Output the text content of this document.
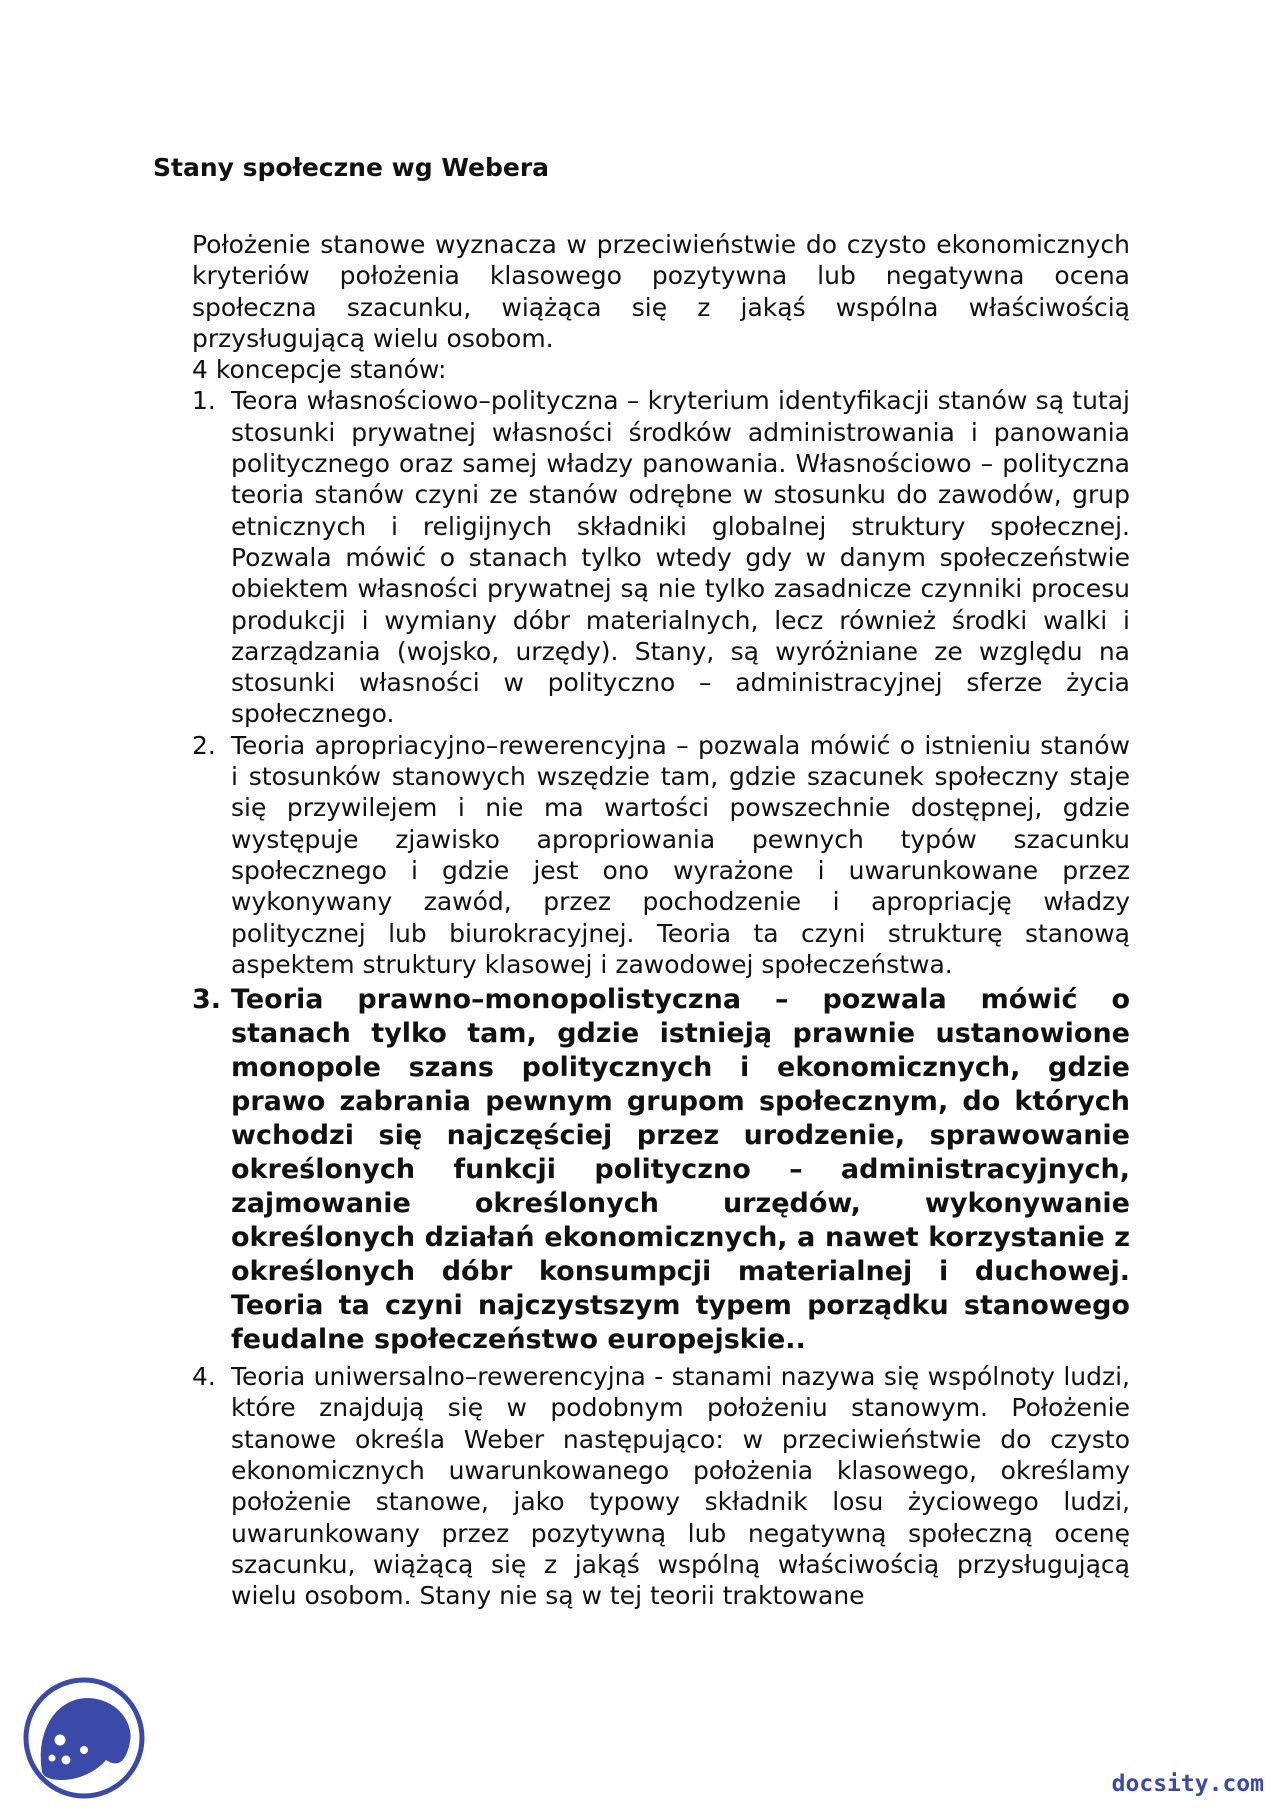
Stany społeczne wg Webera

Położenie stanowe wyznacza w przeciwieństwie do czysto ekonomicznych kryteriów położenia klasowego pozytywna lub negatywna ocena społeczna szacunku, wiążąca się z jakąś wspólna właściwością przysługującą wielu osobom.

4 koncepcje stanów:

1. Teora własnościowo–polityczna – kryterium identyfikacji stanów są tutaj stosunki prywatnej własności środków administrowania i panowania politycznego oraz samej władzy panowania. Własnościowo – polityczna teoria stanów czyni ze stanów odrębne w stosunku do zawodów, grup etnicznych i religijnych składniki globalnej struktury społecznej. Pozwala mówić o stanach tylko wtedy gdy w danym społeczeństwie obiektem własności prywatnej są nie tylko zasadnicze czynniki procesu produkcji i wymiany dóbr materialnych, lecz również środki walki i zarządzania (wojsko, urzędy). Stany, są wyróżniane ze względu na stosunki własności w polityczno – administracyjnej sferze życia społecznego.
2. Teoria apropriacyjno–rewerencyjna – pozwala mówić o istnieniu stanów i stosunków stanowych wszędzie tam, gdzie szacunek społeczny staje się przywilejem i nie ma wartości powszechnie dostępnej, gdzie występuje zjawisko apropriowania pewnych typów szacunku społecznego i gdzie jest ono wyrażone i uwarunkowane przez wykonywany zawód, przez pochodzenie i apropriację władzy politycznej lub biurokracyjnej. Teoria ta czyni strukturę stanową aspektem struktury klasowej i zawodowej społeczeństwa.
3. Teoria prawno–monopolistyczna – pozwala mówić o stanach tylko tam, gdzie istnieją prawnie ustanowione monopole szans politycznych i ekonomicznych, gdzie prawo zabrania pewnym grupom społecznym, do których wchodzi się najczęściej przez urodzenie, sprawowanie określonych funkcji polityczno – administracyjnych, zajmowanie określonych urzędów, wykonywanie określonych działań ekonomicznych, a nawet korzystanie z określonych dóbr konsumpcji materialnej i duchowej. Teoria ta czyni najczystszym typem porządku stanowego feudalne społeczeństwo europejskie..
4. Teoria uniwersalno–rewerencyjna - stanami nazywa się wspólnoty ludzi, które znajdują się w podobnym położeniu stanowym. Położenie stanowe określa Weber następująco: w przeciwieństwie do czysto ekonomicznych uwarunkowanego położenia klasowego, określamy położenie stanowe, jako typowy składnik losu życiowego ludzi, uwarunkowany przez pozytywną lub negatywną społeczną ocenę szacunku, wiążącą się z jakąś wspólną właściwością przysługującą wielu osobom. Stany nie są w tej teorii traktowane
docsity.com
